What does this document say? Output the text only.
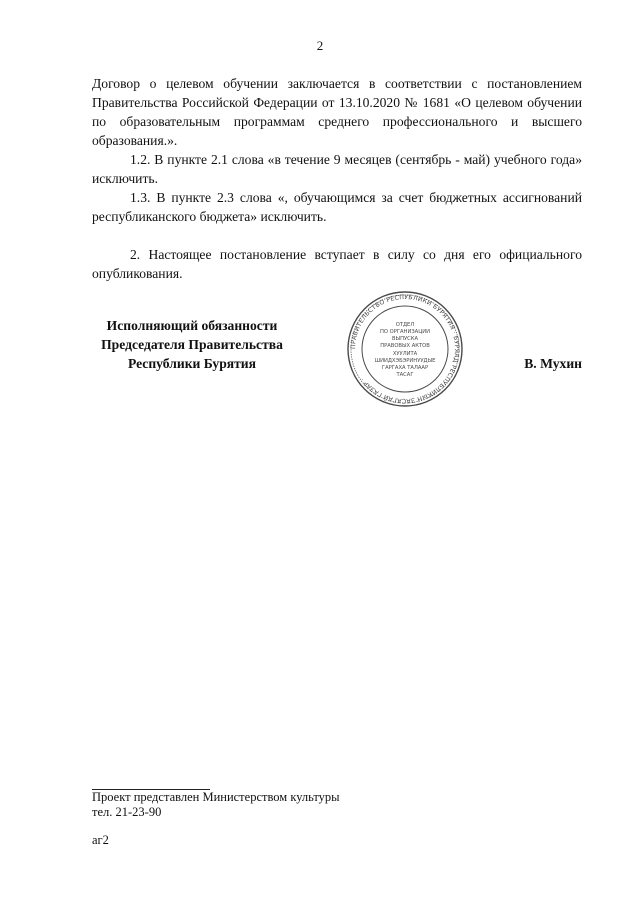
2

Договор о целевом обучении заключается в соответствии с постановлением Правительства Российской Федерации от 13.10.2020 № 1681 «О целевом обучении по образовательным программам среднего профессионального и высшего образования.».

1.2. В пункте 2.1 слова «в течение 9 месяцев (сентябрь - май) учебного года» исключить.

1.3. В пункте 2.3 слова «, обучающимся за счет бюджетных ассигнований республиканского бюджета» исключить.

2. Настоящее постановление вступает в силу со дня его официального опубликования.

Исполняющий обязанности
Председателя Правительства
Республики Бурятия
ПРАВИТЕЛЬСТВО РЕСПУБЛИКИ БУРЯТИЯ · БУРЯАД РЕСПУБЛИКЫН ЗАСАГАЙ ГАЗАР ·
ОТДЕЛ
ПО ОРГАНИЗАЦИИ
ВЫПУСКА
ПРАВОВЫХ АКТОВ
ХУУЛИТА
ШИИДХЭБЭРИНУУДЫЕ
ГАРГАХА ТАЛААР
ТАСАГ
В. Мухин
Проект представлен Министерством культуры
тел. 21-23-90
аг2
